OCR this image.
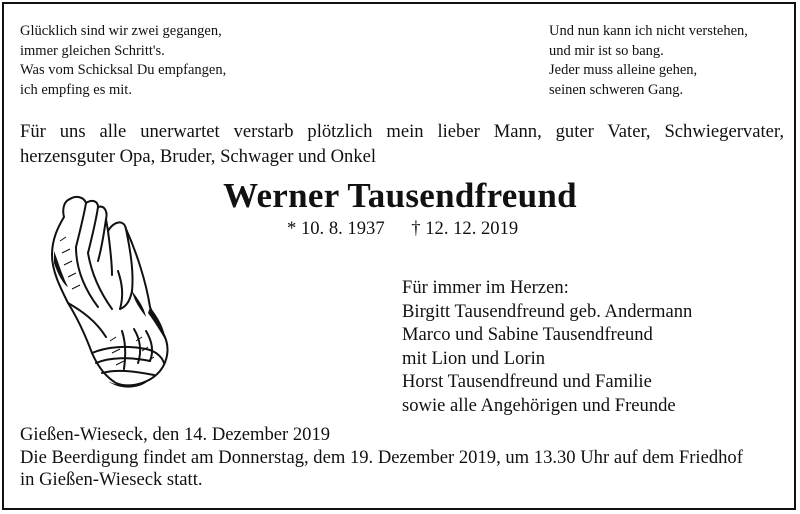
Glücklich sind wir zwei gegangen,
immer gleichen Schritt's.
Was vom Schicksal Du empfangen,
ich empfing es mit.
Und nun kann ich nicht verstehen,
und mir ist so bang.
Jeder muss alleine gehen,
seinen schweren Gang.
Für uns alle unerwartet verstarb plötzlich mein lieber Mann, guter Vater, Schwiegervater,
herzensguter Opa, Bruder, Schwager und Onkel
Werner Tausendfreund
* 10. 8. 1937 † 12. 12. 2019
Für immer im Herzen:
Birgitt Tausendfreund geb. Andermann
Marco und Sabine Tausendfreund
mit Lion und Lorin
Horst Tausendfreund und Familie
sowie alle Angehörigen und Freunde
Gießen-Wieseck, den 14. Dezember 2019
Die Beerdigung findet am Donnerstag, dem 19. Dezember 2019, um 13.30 Uhr auf dem Friedhof
in Gießen-Wieseck statt.
